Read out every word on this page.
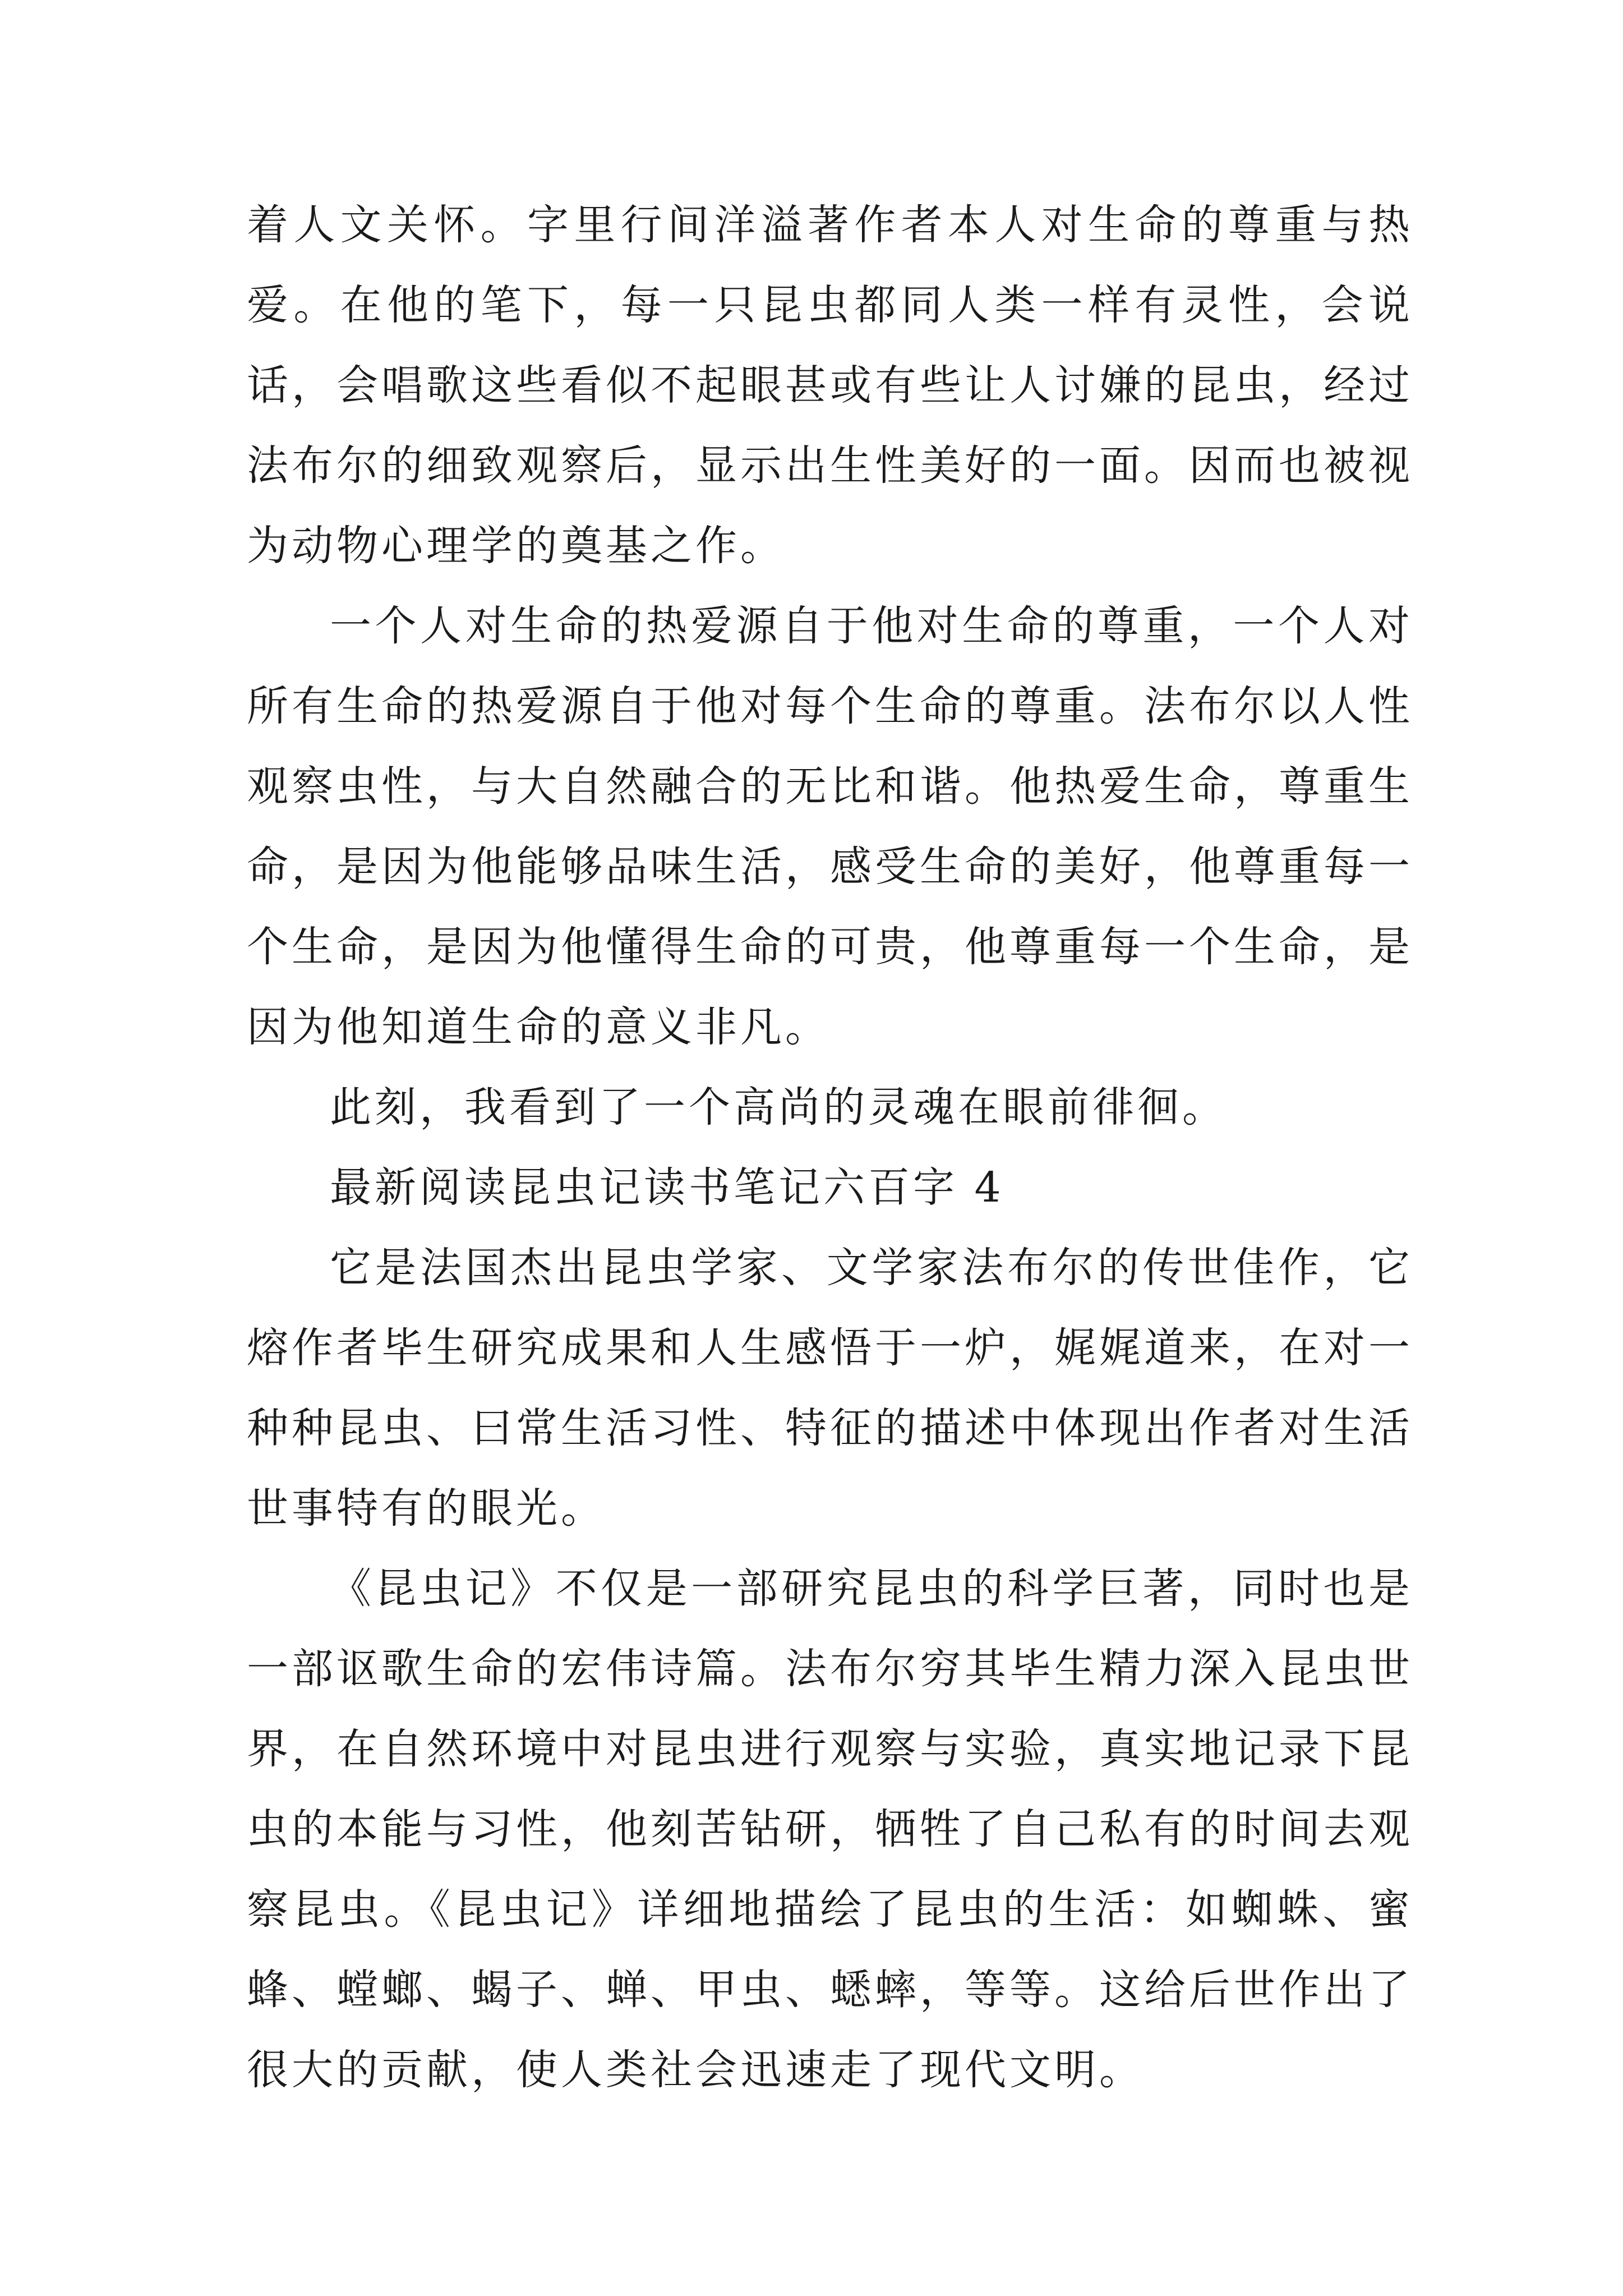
着人文关怀。字里行间洋溢著作者本人对生命的尊重与热爱。在他的笔下，每一只昆虫都同人类一样有灵性，会说话，会唱歌这些看似不起眼甚或有些让人讨嫌的昆虫，经过法布尔的细致观察后，显示出生性美好的一面。因而也被视为动物心理学的奠基之作。

一个人对生命的热爱源自于他对生命的尊重，一个人对所有生命的热爱源自于他对每个生命的尊重。法布尔以人性观察虫性，与大自然融合的无比和谐。他热爱生命，尊重生命，是因为他能够品味生活，感受生命的美好，他尊重每一个生命，是因为他懂得生命的可贵，他尊重每一个生命，是因为他知道生命的意义非凡。

此刻，我看到了一个高尚的灵魂在眼前徘徊。

最新阅读昆虫记读书笔记六百字 4

它是法国杰出昆虫学家、文学家法布尔的传世佳作，它熔作者毕生研究成果和人生感悟于一炉，娓娓道来，在对一种种昆虫、曰常生活习性、特征的描述中体现出作者对生活世事特有的眼光。

《昆虫记》不仅是一部研究昆虫的科学巨著，同时也是一部讴歌生命的宏伟诗篇。法布尔穷其毕生精力深入昆虫世界，在自然环境中对昆虫进行观察与实验，真实地记录下昆虫的本能与习性，他刻苦钻研，牺牲了自己私有的时间去观察昆虫。《昆虫记》详细地描绘了昆虫的生活：如蜘蛛、蜜蜂、螳螂、蝎子、蝉、甲虫、蟋蟀，等等。这给后世作出了很大的贡献，使人类社会迅速走了现代文明。
